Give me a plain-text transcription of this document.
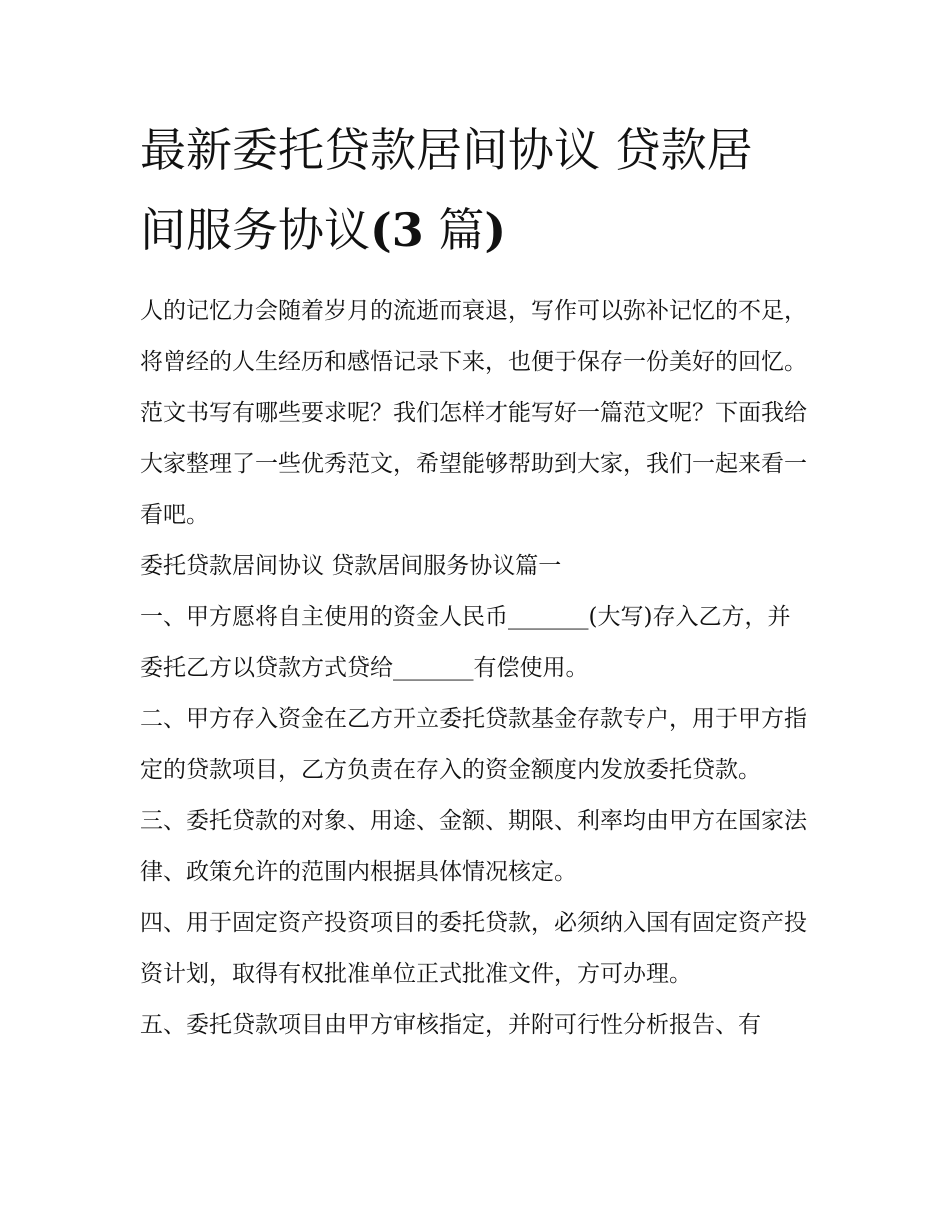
最新委托贷款居间协议 贷款居
间服务协议(3 篇)

人的记忆力会随着岁月的流逝而衰退，写作可以弥补记忆的不足，将曾经的人生经历和感悟记录下来，也便于保存一份美好的回忆。范文书写有哪些要求呢？我们怎样才能写好一篇范文呢？下面我给大家整理了一些优秀范文，希望能够帮助到大家，我们一起来看一看吧。

委托贷款居间协议 贷款居间服务协议篇一

一、甲方愿将自主使用的资金人民币_______(大写)存入乙方，并委托乙方以贷款方式贷给_______有偿使用。

二、甲方存入资金在乙方开立委托贷款基金存款专户，用于甲方指定的贷款项目，乙方负责在存入的资金额度内发放委托贷款。

三、委托贷款的对象、用途、金额、期限、利率均由甲方在国家法律、政策允许的范围内根据具体情况核定。

四、用于固定资产投资项目的委托贷款，必须纳入国有固定资产投资计划，取得有权批准单位正式批准文件，方可办理。

五、委托贷款项目由甲方审核指定，并附可行性分析报告、有
